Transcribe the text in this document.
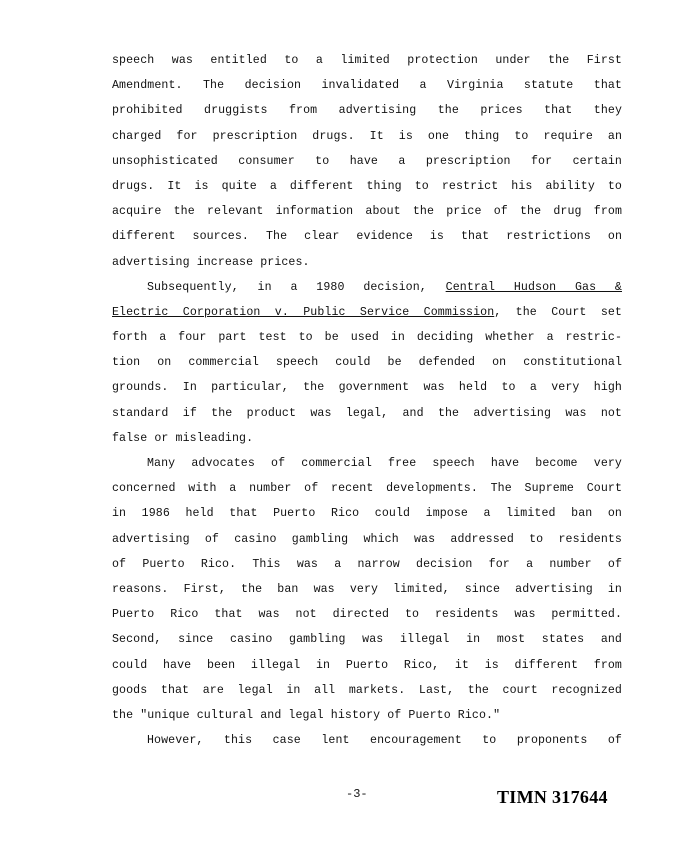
speech was entitled to a limited protection under the First
Amendment. The decision invalidated a Virginia statute that
prohibited druggists from advertising the prices that they
charged for prescription drugs. It is one thing to require an
unsophisticated consumer to have a prescription for certain
drugs. It is quite a different thing to restrict his ability to
acquire the relevant information about the price of the drug from
different sources. The clear evidence is that restrictions on
advertising increase prices.
Subsequently, in a 1980 decision, Central Hudson Gas &
Electric Corporation v. Public Service Commission, the Court set
forth a four part test to be used in deciding whether a restric-
tion on commercial speech could be defended on constitutional
grounds. In particular, the government was held to a very high
standard if the product was legal, and the advertising was not
false or misleading.
Many advocates of commercial free speech have become very
concerned with a number of recent developments. The Supreme Court
in 1986 held that Puerto Rico could impose a limited ban on
advertising of casino gambling which was addressed to residents
of Puerto Rico. This was a narrow decision for a number of
reasons. First, the ban was very limited, since advertising in
Puerto Rico that was not directed to residents was permitted.
Second, since casino gambling was illegal in most states and
could have been illegal in Puerto Rico, it is different from
goods that are legal in all markets. Last, the court recognized
the "unique cultural and legal history of Puerto Rico."
However, this case lent encouragement to proponents of
-3-	TIMN 317644
